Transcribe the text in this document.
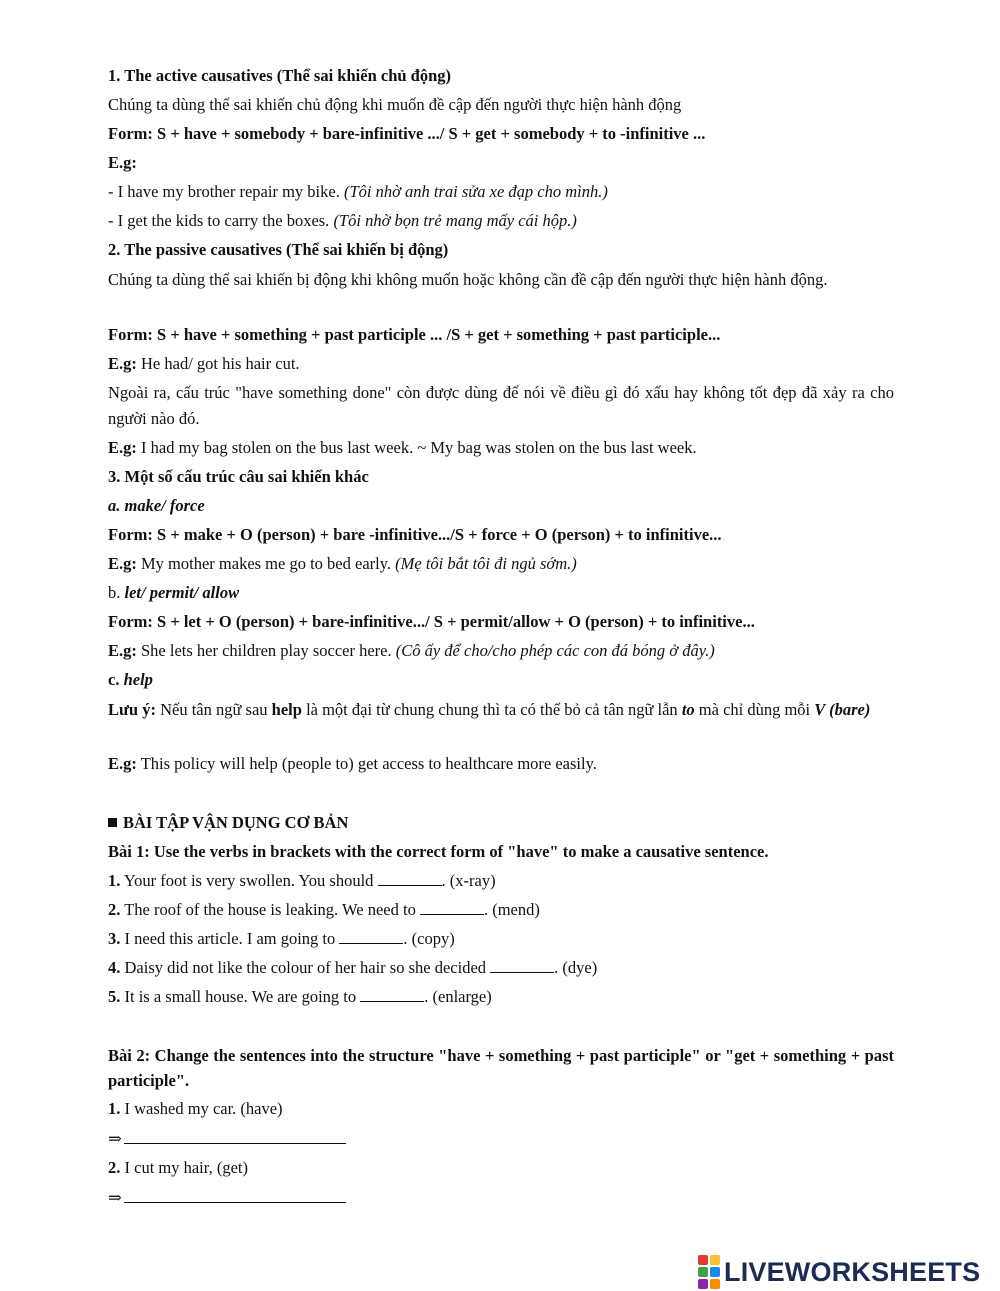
1. The active causatives (Thể sai khiến chủ động)
Chúng ta dùng thể sai khiến chủ động khi muốn đề cập đến người thực hiện hành động
Form: S + have + somebody + bare-infinitive .../ S + get + somebody + to -infinitive ...
E.g:
- I have my brother repair my bike. (Tôi nhờ anh trai sửa xe đạp cho mình.)
- I get the kids to carry the boxes. (Tôi nhờ bọn trẻ mang mấy cái hộp.)
2. The passive causatives (Thể sai khiến bị động)
Chúng ta dùng thể sai khiến bị động khi không muốn hoặc không cần đề cập đến người thực hiện hành động.
Form: S + have + something + past participle ... /S + get + something + past participle...
E.g: He had/ got his hair cut.
Ngoài ra, cấu trúc "have something done" còn được dùng để nói về điều gì đó xấu hay không tốt đẹp đã xảy ra cho người nào đó.
E.g: I had my bag stolen on the bus last week. ~ My bag was stolen on the bus last week.
3. Một số cấu trúc câu sai khiến khác
a. make/ force
Form: S + make + O (person) + bare -infinitive.../S + force + O (person) + to infinitive...
E.g: My mother makes me go to bed early. (Mẹ tôi bắt tôi đi ngủ sớm.)
b. let/ permit/ allow
Form: S + let + O (person) + bare-infinitive.../ S + permit/allow + O (person) + to infinitive...
E.g: She lets her children play soccer here. (Cô ấy để cho/cho phép các con đá bóng ở đây.)
c. help
Lưu ý: Nếu tân ngữ sau help là một đại từ chung chung thì ta có thể bỏ cả tân ngữ lẫn to mà chỉ dùng mỗi V (bare)
E.g: This policy will help (people to) get access to healthcare more easily.
BÀI TẬP VẬN DỤNG CƠ BẢN
Bài 1: Use the verbs in brackets with the correct form of "have" to make a causative sentence.
1. Your foot is very swollen. You should	. (x-ray)
2. The roof of the house is leaking. We need to	. (mend)
3. I need this article. I am going to	. (copy)
4. Daisy did not like the colour of her hair so she decided	. (dye)
5. It is a small house. We are going to	. (enlarge)
Bài 2: Change the sentences into the structure "have + something + past participle" or "get + something + past participle".
1. I washed my car. (have)
⇒
2. I cut my hair, (get)
⇒
LIVEWORKSHEETS
